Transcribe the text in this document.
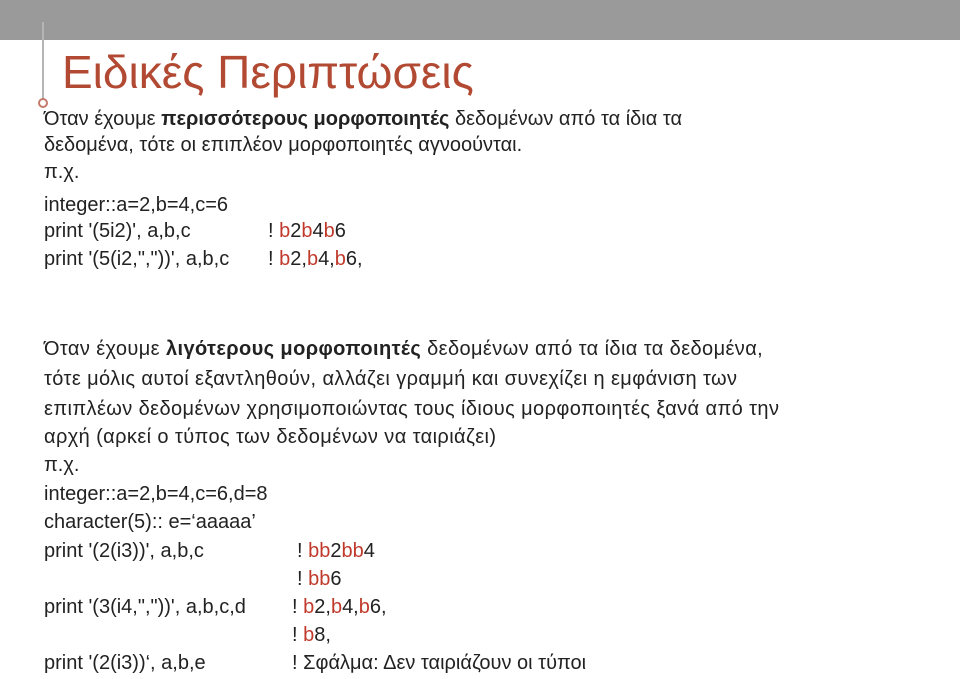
Ειδικές Περιπτώσεις
Όταν έχουμε περισσότερους μορφοποιητές δεδομένων από τα ίδια τα
δεδομένα, τότε οι επιπλέον μορφοποιητές αγνοούνται.
π.χ.
integer::a=2,b=4,c=6
print '(5i2)', a,b,c	! b2b4b6
print '(5(i2,","))', a,b,c ! b2,b4,b6,
Όταν έχουμε λιγότερους μορφοποιητές δεδομένων από τα ίδια τα δεδομένα,
τότε μόλις αυτοί εξαντληθούν, αλλάζει γραμμή και συνεχίζει η εμφάνιση των
επιπλέων δεδομένων χρησιμοποιώντας τους ίδιους μορφοποιητές ξανά από την
αρχή (αρκεί ο τύπος των δεδομένων να ταιριάζει)
π.χ.
integer::a=2,b=4,c=6,d=8
character(5):: e=‘aaaaa’
print '(2(i3))', a,b,c	! bb2bb4
! bb6
print '(3(i4,","))', a,b,c,d ! b2,b4,b6,
! b8,
print '(2(i3))‘, a,b,e	! Σφάλμα: Δεν ταιριάζουν οι τύποι
